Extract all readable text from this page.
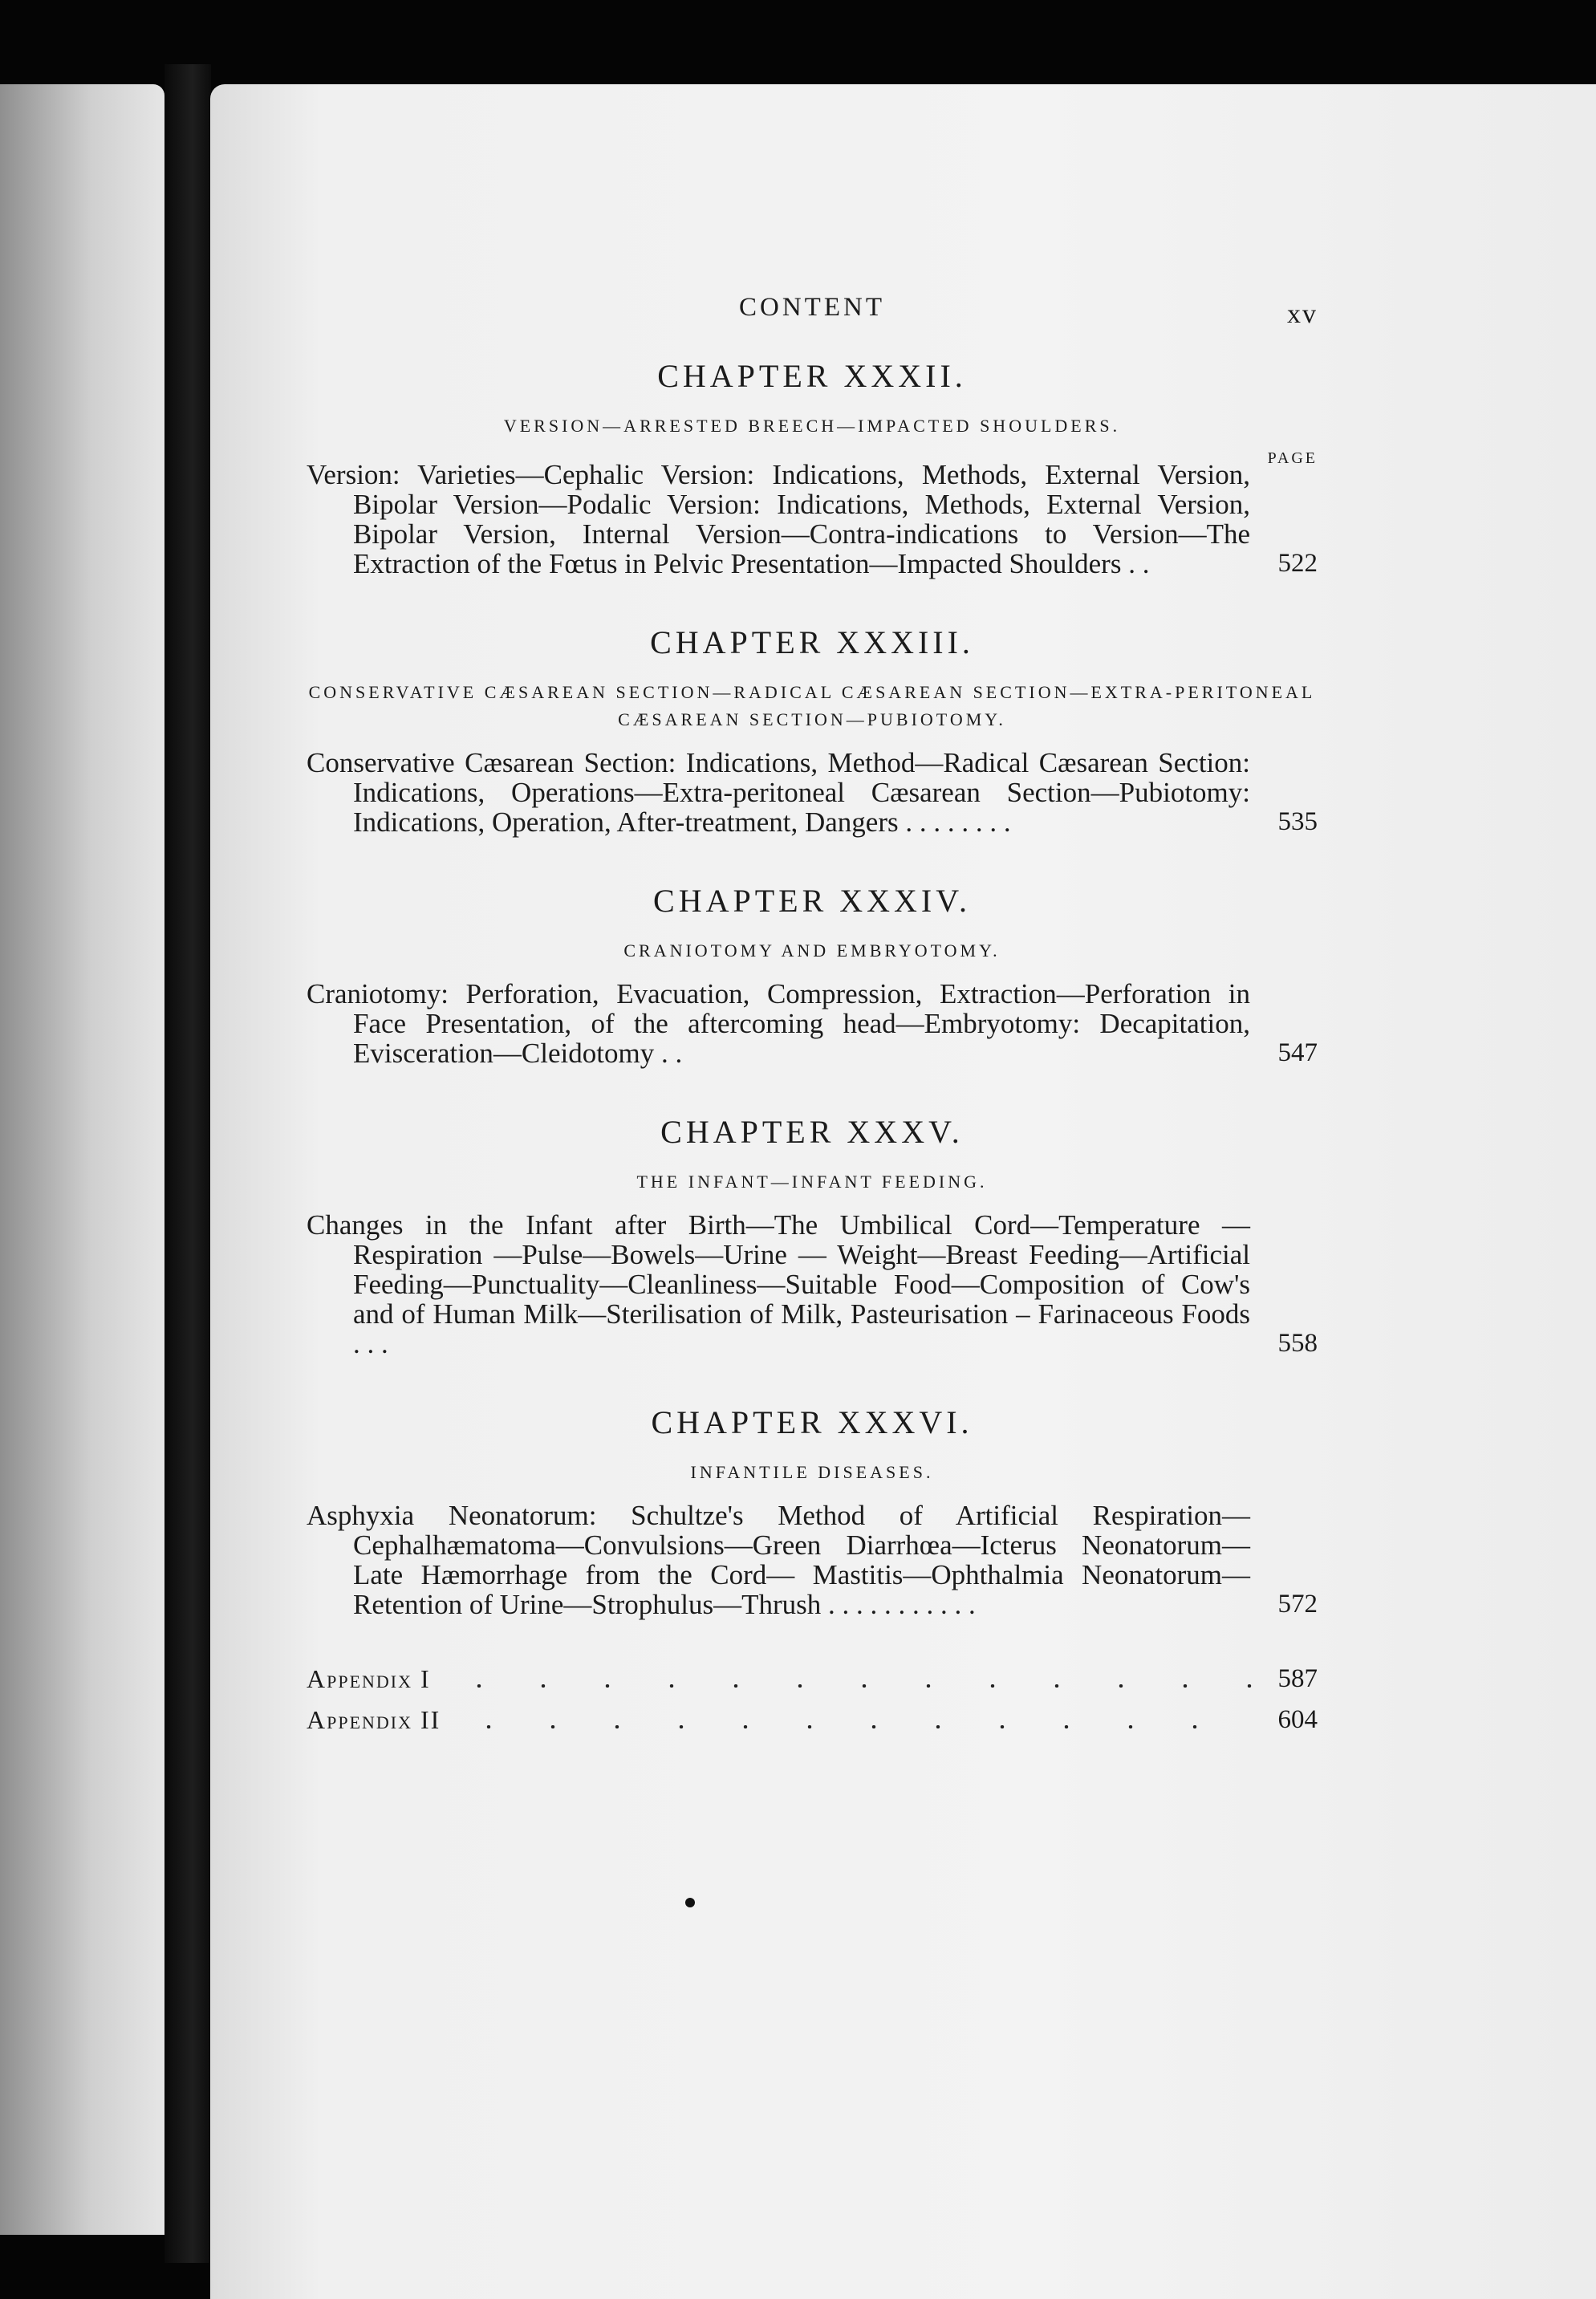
CONTENT	xv
CHAPTER XXXII.
VERSION—ARRESTED BREECH—IMPACTED SHOULDERS.
PAGE
Version: Varieties—Cephalic Version: Indications, Methods, External Version, Bipolar Version—Podalic Version: Indications, Methods, External Version, Bipolar Version, Internal Version—Contra-indications to Version—The Extraction of the Fœtus in Pelvic Presentation—Impacted Shoulders . .	522
CHAPTER XXXIII.
CONSERVATIVE CÆSAREAN SECTION—RADICAL CÆSAREAN SECTION—EXTRA-PERITONEAL CÆSAREAN SECTION—PUBIOTOMY.
Conservative Cæsarean Section: Indications, Method—Radical Cæsarean Section: Indications, Operations—Extra-peritoneal Cæsarean Section—Pubiotomy: Indications, Operation, After-treatment, Dangers . . . . . . . .	535
CHAPTER XXXIV.
CRANIOTOMY AND EMBRYOTOMY.
Craniotomy: Perforation, Evacuation, Compression, Extraction—Perforation in Face Presentation, of the aftercoming head—Embryotomy: Decapitation, Evisceration—Cleidotomy . .	547
CHAPTER XXXV.
THE INFANT—INFANT FEEDING.
Changes in the Infant after Birth—The Umbilical Cord—Temperature — Respiration —Pulse—Bowels—Urine — Weight—Breast Feeding—Artificial Feeding—Punctuality—Cleanliness—Suitable Food—Composition of Cow's and of Human Milk—Sterilisation of Milk, Pasteurisation – Farinaceous Foods . . .	558
CHAPTER XXXVI.
INFANTILE DISEASES.
Asphyxia Neonatorum: Schultze's Method of Artificial Respiration—Cephalhæmatoma—Convulsions—Green Diarrhœa—Icterus Neonatorum—Late Hæmorrhage from the Cord— Mastitis—Ophthalmia Neonatorum—Retention of Urine—Strophulus—Thrush . . . . . . . . . . .	572
Appendix I	587
Appendix II	604
